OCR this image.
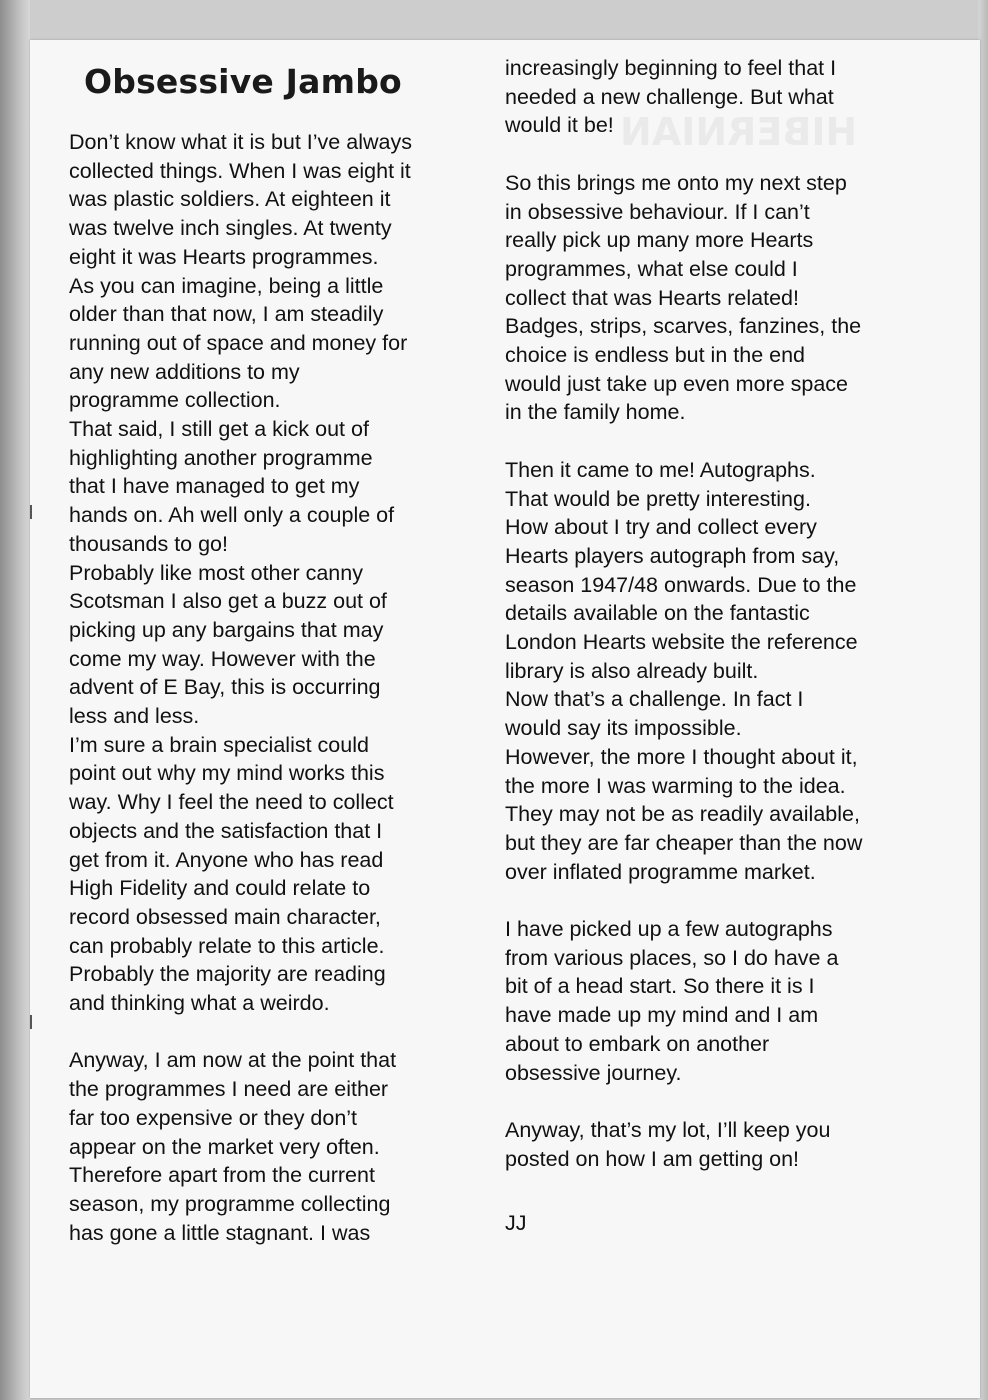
HIBERNIAN
Obsessive Jambo

Don’t know what it is but I’ve always
collected things. When I was eight it
was plastic soldiers. At eighteen it
was twelve inch singles. At twenty
eight it was Hearts programmes.
As you can imagine, being a little
older than that now, I am steadily
running out of space and money for
any new additions to my
programme collection.
That said, I still get a kick out of
highlighting another programme
that I have managed to get my
hands on. Ah well only a couple of
thousands to go!
Probably like most other canny
Scotsman I also get a buzz out of
picking up any bargains that may
come my way. However with the
advent of E Bay, this is occurring
less and less.
I’m sure a brain specialist could
point out why my mind works this
way. Why I feel the need to collect
objects and the satisfaction that I
get from it. Anyone who has read
High Fidelity and could relate to
record obsessed main character,
can probably relate to this article.
Probably the majority are reading
and thinking what a weirdo.

Anyway, I am now at the point that
the programmes I need are either
far too expensive or they don’t
appear on the market very often.
Therefore apart from the current
season, my programme collecting
has gone a little stagnant. I was

increasingly beginning to feel that I
needed a new challenge. But what
would it be!

So this brings me onto my next step
in obsessive behaviour. If I can’t
really pick up many more Hearts
programmes, what else could I
collect that was Hearts related!
Badges, strips, scarves, fanzines, the
choice is endless but in the end
would just take up even more space
in the family home.

Then it came to me! Autographs.
That would be pretty interesting.
How about I try and collect every
Hearts players autograph from say,
season 1947/48 onwards. Due to the
details available on the fantastic
London Hearts website the reference
library is also already built.
Now that’s a challenge. In fact I
would say its impossible.
However, the more I thought about it,
the more I was warming to the idea.
They may not be as readily available,
but they are far cheaper than the now
over inflated programme market.

I have picked up a few autographs
from various places, so I do have a
bit of a head start. So there it is I
have made up my mind and I am
about to embark on another
obsessive journey.

Anyway, that’s my lot, I’ll keep you
posted on how I am getting on!

JJ
